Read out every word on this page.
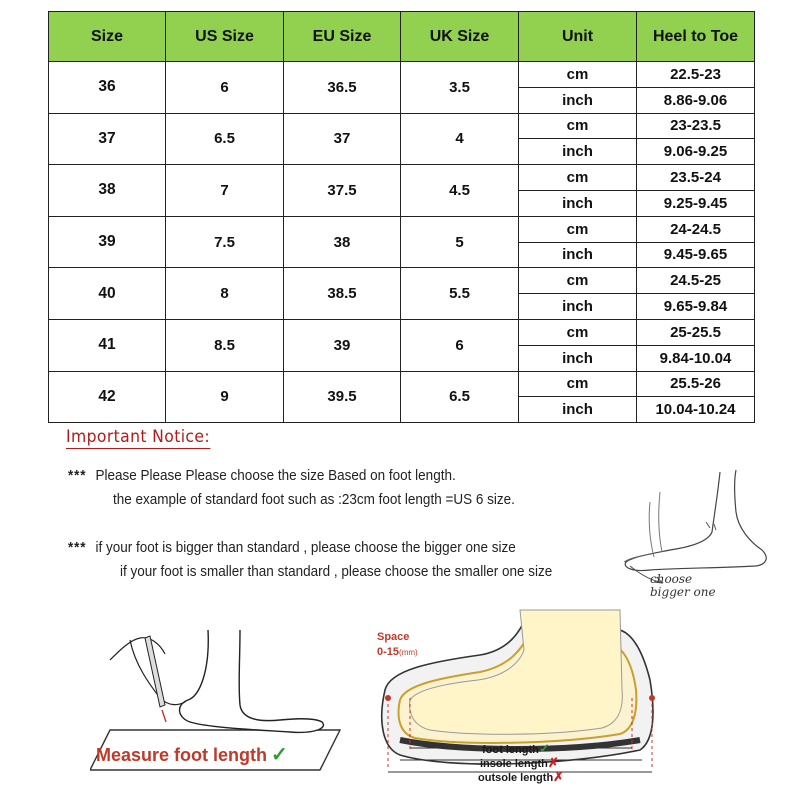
Size	US Size	EU Size	UK Size	Unit	Heel to Toe
36	6	36.5	3.5	cm	22.5-23
				inch	8.86-9.06
37	6.5	37	4	cm	23-23.5
				inch	9.06-9.25
38	7	37.5	4.5	cm	23.5-24
				inch	9.25-9.45
39	7.5	38	5	cm	24-24.5
				inch	9.45-9.65
40	8	38.5	5.5	cm	24.5-25
				inch	9.65-9.84
41	8.5	39	6	cm	25-25.5
				inch	9.84-10.04
42	9	39.5	6.5	cm	25.5-26
				inch	10.04-10.24
Important Notice:
*** Please Please Please choose the size Based on foot length.
the example of standard foot such as :23cm foot length =US 6 size.
*** if your foot is bigger than standard , please choose the bigger one size
if your foot is smaller than standard , please choose the smaller one size	choose
bigger one
Measure foot length ✓
Space
0-15(mm)
foot length✓
insole length✗
outsole length✗
